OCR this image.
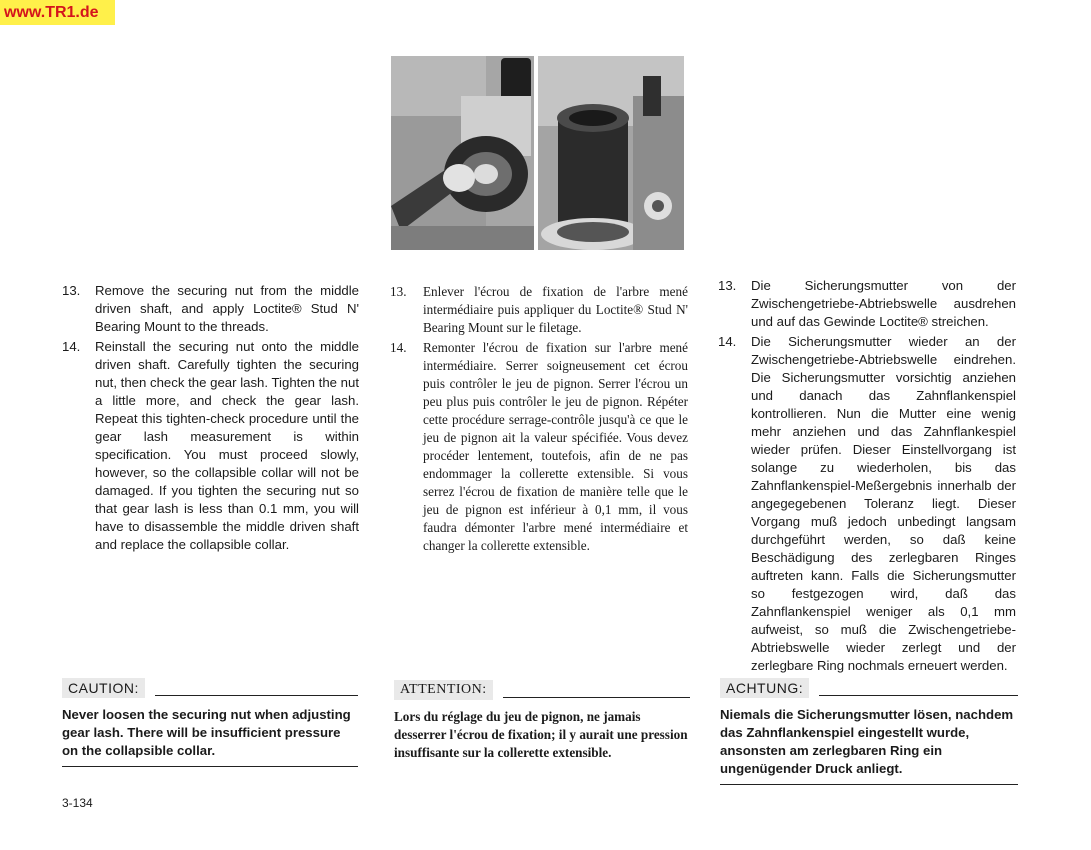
www.TR1.de
13.	Remove the securing nut from the middle driven shaft, and apply Loctite® Stud N' Bearing Mount to the threads.
14.	Reinstall the securing nut onto the middle driven shaft. Carefully tighten the securing nut, then check the gear lash. Tighten the nut a little more, and check the gear lash. Repeat this tighten-check procedure until the gear lash measurement is within specification. You must proceed slowly, however, so the collapsible collar will not be damaged. If you tighten the securing nut so that gear lash is less than 0.1 mm, you will have to disassemble the middle driven shaft and replace the collapsible collar.
13.	Enlever l'écrou de fixation de l'arbre mené intermédiaire puis appliquer du Loctite® Stud N' Bearing Mount sur le filetage.
14.	Remonter l'écrou de fixation sur l'arbre mené intermédiaire. Serrer soigneusement cet écrou puis contrôler le jeu de pignon. Serrer l'écrou un peu plus puis contrôler le jeu de pignon. Répéter cette procédure serrage-contrôle jusqu'à ce que le jeu de pignon ait la valeur spécifiée. Vous devez procéder lentement, toutefois, afin de ne pas endommager la collerette extensible. Si vous serrez l'écrou de fixation de manière telle que le jeu de pignon est inférieur à 0,1 mm, il vous faudra démonter l'arbre mené intermédiaire et changer la collerette extensible.
13.	Die Sicherungsmutter von der Zwischengetriebe-Abtriebswelle ausdrehen und auf das Gewinde Loctite® streichen.
14.	Die Sicherungsmutter wieder an der Zwischengetriebe-Abtriebswelle eindrehen. Die Sicherungsmutter vorsichtig anziehen und danach das Zahnflankenspiel kontrollieren. Nun die Mutter eine wenig mehr anziehen und das Zahnflankespiel wieder prüfen. Dieser Einstellvorgang ist solange zu wiederholen, bis das Zahnflankenspiel-Meßergebnis innerhalb der angegegebenen Toleranz liegt. Dieser Vorgang muß jedoch unbedingt langsam durchgeführt werden, so daß keine Beschädigung des zerlegbaren Ringes auftreten kann. Falls die Sicherungsmutter so festgezogen wird, daß das Zahnflankenspiel weniger als 0,1 mm aufweist, so muß die Zwischengetriebe-Abtriebswelle wieder zerlegt und der zerlegbare Ring nochmals erneuert werden.
CAUTION:
Never loosen the securing nut when adjusting gear lash. There will be insufficient pressure on the collapsible collar.
ATTENTION:
Lors du réglage du jeu de pignon, ne jamais desserrer l'écrou de fixation; il y aurait une pression insuffisante sur la collerette extensible.
ACHTUNG:
Niemals die Sicherungsmutter lösen, nachdem das Zahnflankenspiel eingestellt wurde, ansonsten am zerlegbaren Ring ein ungenügender Druck anliegt.
3-134
